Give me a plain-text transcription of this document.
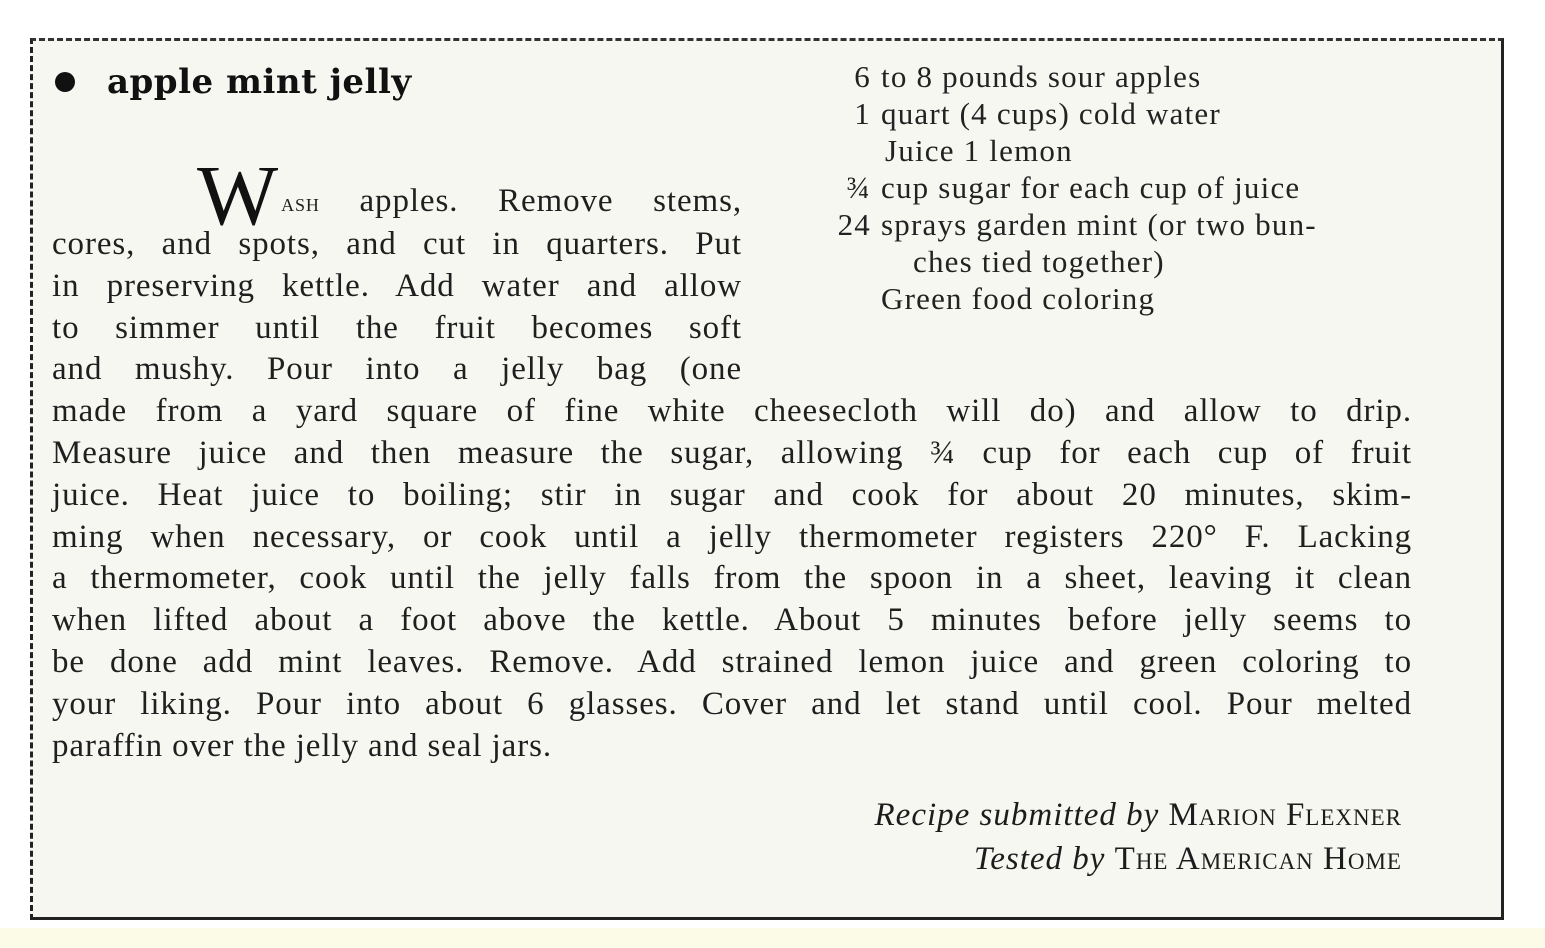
apple mint jelly	6 to 8 pounds sour apples
1 quart (4 cups) cold water
Juice 1 lemon
¾ cup sugar for each cup of juice
24 sprays garden mint (or two bun-
ches tied together)
Green food coloring
W ash apples. Remove stems,
cores, and spots, and cut in quarters. Put
in preserving kettle. Add water and allow
to simmer until the fruit becomes soft
and mushy. Pour into a jelly bag (one
made from a yard square of fine white cheesecloth will do) and allow to drip.
Measure juice and then measure the sugar, allowing ¾ cup for each cup of fruit
juice. Heat juice to boiling; stir in sugar and cook for about 20 minutes, skim-
ming when necessary, or cook until a jelly thermometer registers 220° F. Lacking
a thermometer, cook until the jelly falls from the spoon in a sheet, leaving it clean
when lifted about a foot above the kettle. About 5 minutes before jelly seems to
be done add mint leaves. Remove. Add strained lemon juice and green coloring to
your liking. Pour into about 6 glasses. Cover and let stand until cool. Pour melted
paraffin over the jelly and seal jars.
Recipe submitted by Marion Flexner
Tested by The American Home
